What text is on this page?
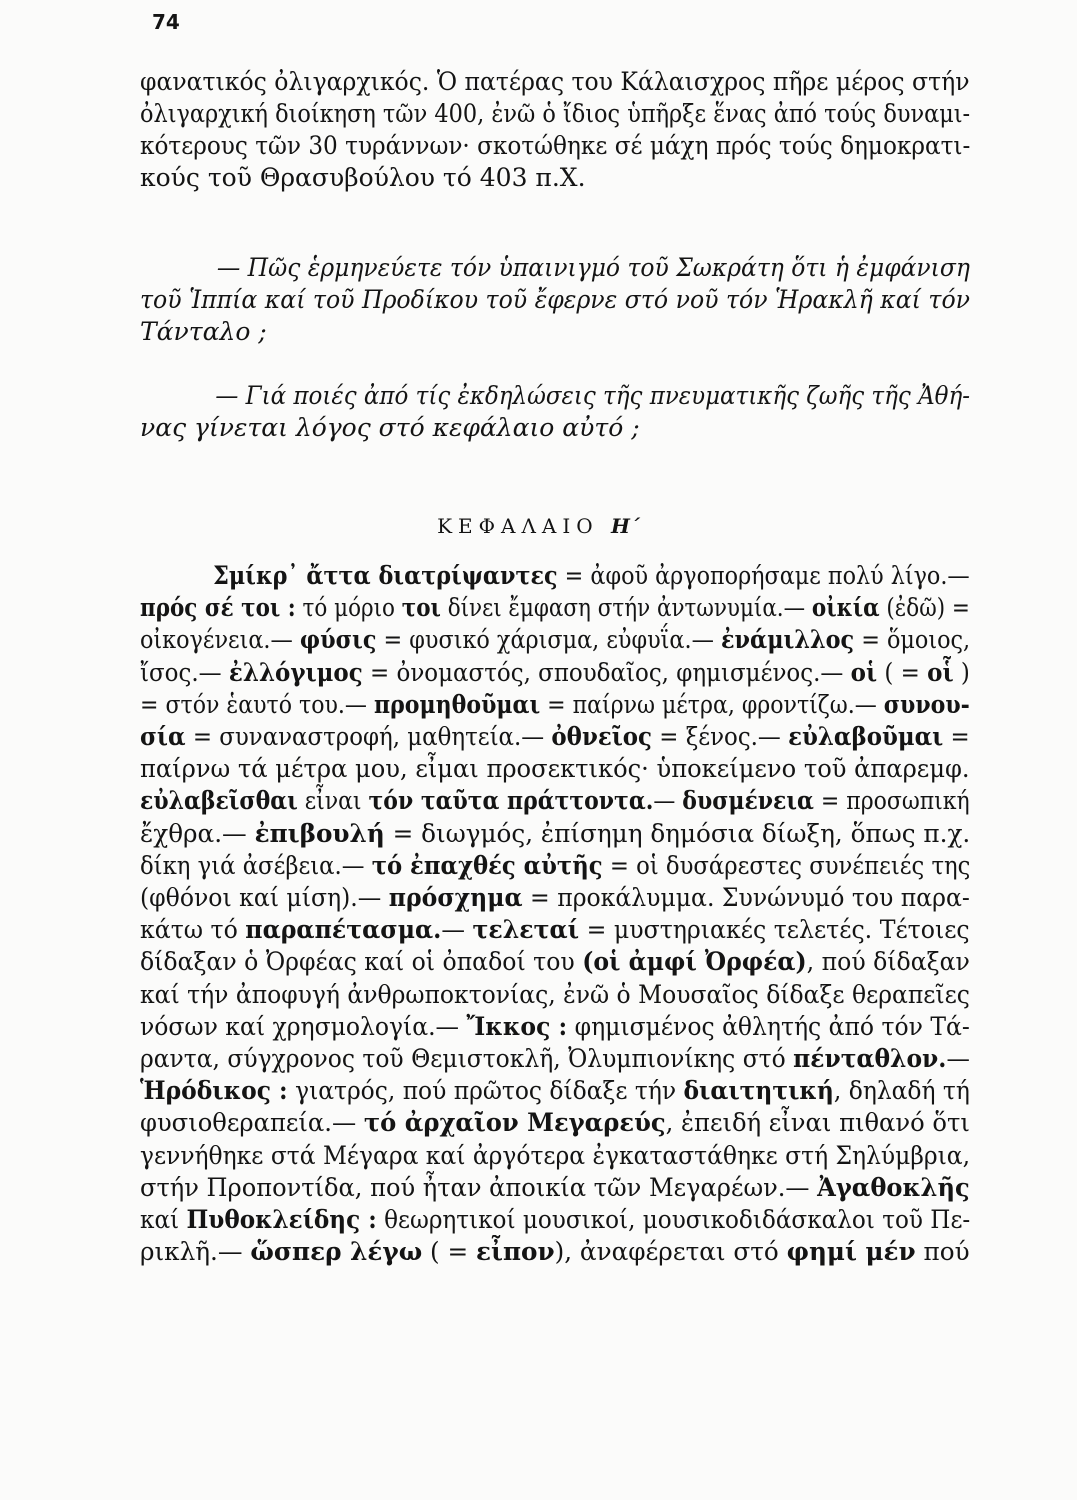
74
φανατικός ὀλιγαρχικός. Ὁ πατέρας του Κάλαισχρος πῆρε μέρος στήν
ὀλιγαρχική διοίκηση τῶν 400, ἐνῶ ὁ ἴδιος ὑπῆρξε ἕνας ἀπό τούς δυναμι-
κότερους τῶν 30 τυράννων· σκοτώθηκε σέ μάχη πρός τούς δημοκρατι-
κούς τοῦ Θρασυβούλου τό 403 π.Χ.
— Πῶς ἑρμηνεύετε τόν ὑπαινιγμό τοῦ Σωκράτη ὅτι ἡ ἐμφάνιση
τοῦ Ἱππία καί τοῦ Προδίκου τοῦ ἔφερνε στό νοῦ τόν Ἡρακλῆ καί τόν
Τάνταλο ;
— Γιά ποιές ἀπό τίς ἐκδηλώσεις τῆς πνευματικῆς ζωῆς τῆς Ἀθή-
νας γίνεται λόγος στό κεφάλαιο αὐτό ;
ΚΕΦΑΛΑΙΟ Η΄
Σμίκρ᾽ ἄττα διατρίψαντες = ἀφοῦ ἀργοπορήσαμε πολύ λίγο.—
πρός σέ τοι : τό μόριο τοι δίνει ἔμφαση στήν ἀντωνυμία.— οἰκία (ἐδῶ) =
οἰκογένεια.— φύσις = φυσικό χάρισμα, εὐφυΐα.— ἐνάμιλλος = ὅμοιος,
ἴσος.— ἐλλόγιμος = ὀνομαστός, σπουδαῖος, φημισμένος.— οἱ ( = οἷ )
= στόν ἑαυτό του.— προμηθοῦμαι = παίρνω μέτρα, φροντίζω.— συνου-
σία = συναναστροφή, μαθητεία.— ὀθνεῖος = ξένος.— εὐλαβοῦμαι =
παίρνω τά μέτρα μου, εἶμαι προσεκτικός· ὑποκείμενο τοῦ ἀπαρεμφ.
εὐλαβεῖσθαι εἶναι τόν ταῦτα πράττοντα.— δυσμένεια = προσωπική
ἔχθρα.— ἐπιβουλή = διωγμός, ἐπίσημη δημόσια δίωξη, ὅπως π.χ.
δίκη γιά ἀσέβεια.— τό ἐπαχθές αὐτῆς = οἱ δυσάρεστες συνέπειές της
(φθόνοι καί μίση).— πρόσχημα = προκάλυμμα. Συνώνυμό του παρα-
κάτω τό παραπέτασμα.— τελεταί = μυστηριακές τελετές. Τέτοιες
δίδαξαν ὁ Ὀρφέας καί οἱ ὀπαδοί του (οἱ ἀμφί Ὀρφέα), πού δίδαξαν
καί τήν ἀποφυγή ἀνθρωποκτονίας, ἐνῶ ὁ Μουσαῖος δίδαξε θεραπεῖες
νόσων καί χρησμολογία.— Ἴκκος : φημισμένος ἀθλητής ἀπό τόν Τά-
ραντα, σύγχρονος τοῦ Θεμιστοκλῆ, Ὀλυμπιονίκης στό πένταθλον.—
Ἡρόδικος : γιατρός, πού πρῶτος δίδαξε τήν διαιτητική, δηλαδή τή
φυσιοθεραπεία.— τό ἀρχαῖον Μεγαρεύς, ἐπειδή εἶναι πιθανό ὅτι
γεννήθηκε στά Μέγαρα καί ἀργότερα ἐγκαταστάθηκε στή Σηλύμβρια,
στήν Προποντίδα, πού ἦταν ἀποικία τῶν Μεγαρέων.— Ἀγαθοκλῆς
καί Πυθοκλείδης : θεωρητικοί μουσικοί, μουσικοδιδάσκαλοι τοῦ Πε-
ρικλῆ.— ὥσπερ λέγω ( = εἶπον), ἀναφέρεται στό φημί μέν πού
